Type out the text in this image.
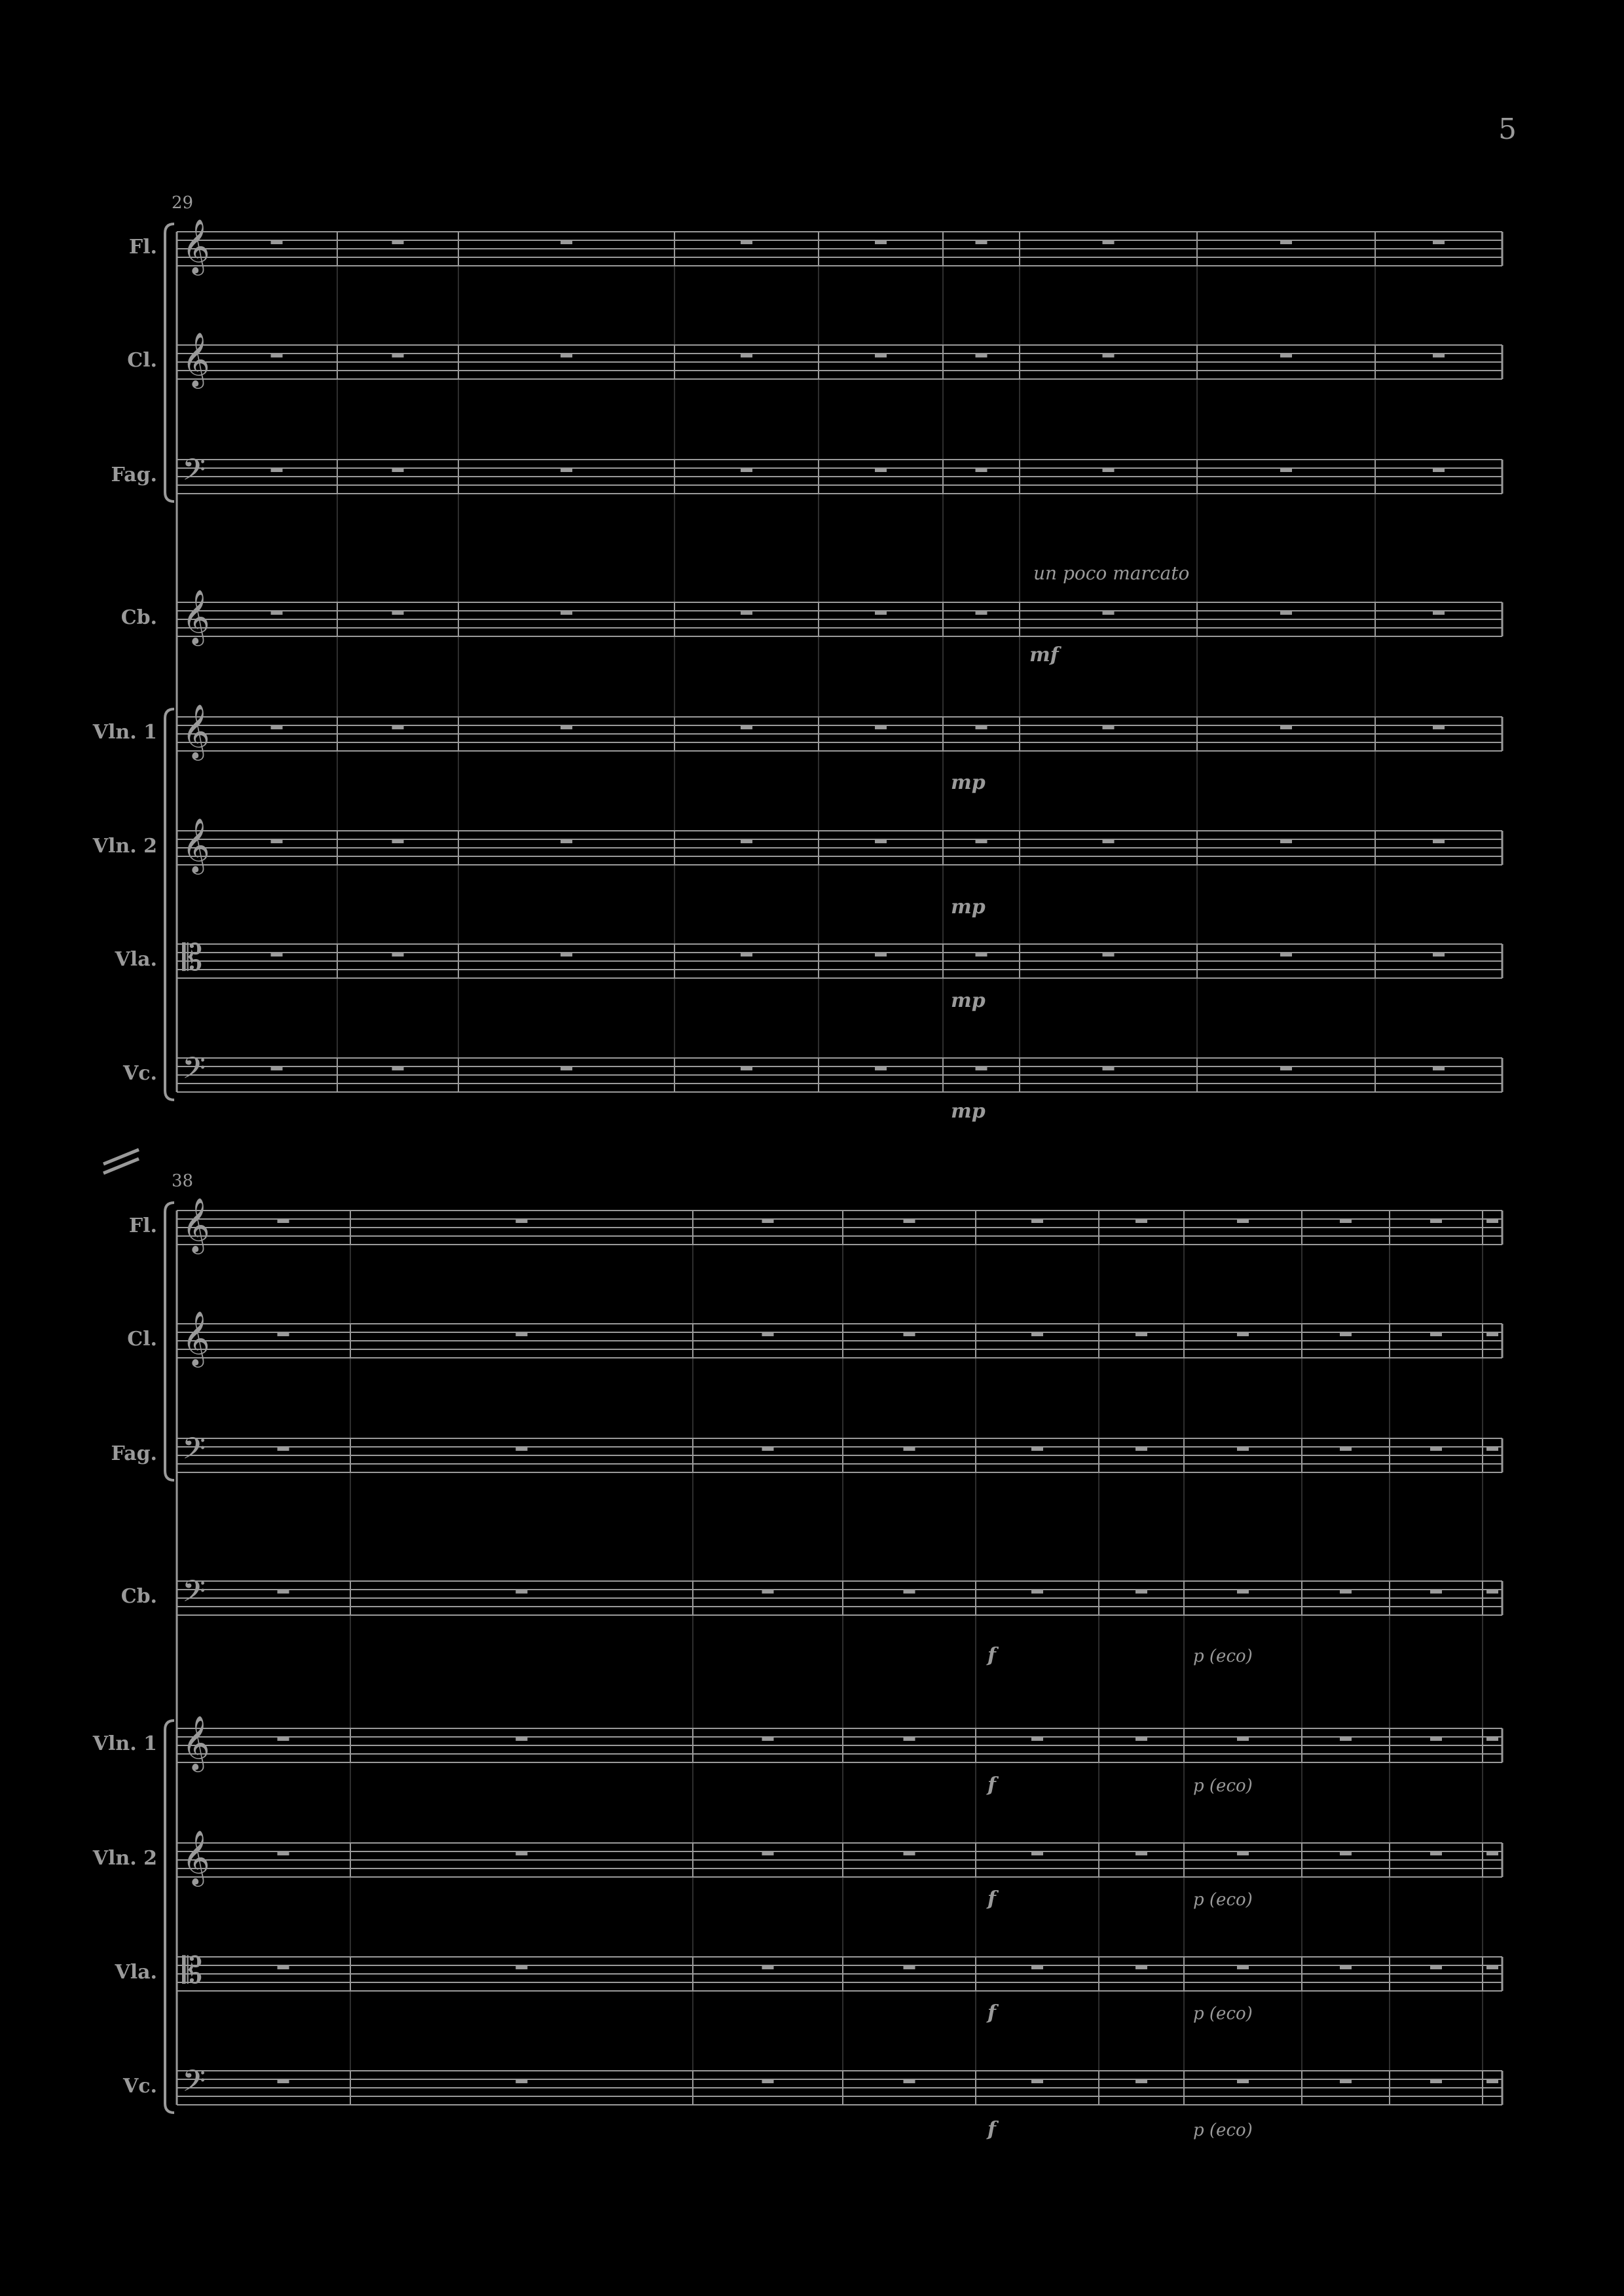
𝄞
𝄞
𝄢
𝄞
𝄞
𝄞
𝄡
𝄢
𝄞
𝄞
𝄢
𝄢
𝄞
𝄞
𝄡
𝄢
5
29
Fl.
Cl.
Fag.
Cb.
Vln. 1
Vln. 2
Vla.
Vc.
un poco marcato
mf
mp
mp
mp
mp
38
Fl.
Cl.
Fag.
Cb.
Vln. 1
Vln. 2
Vla.
Vc.
f	p (eco)
f	p (eco)
f	p (eco)
f	p (eco)
f	p (eco)
